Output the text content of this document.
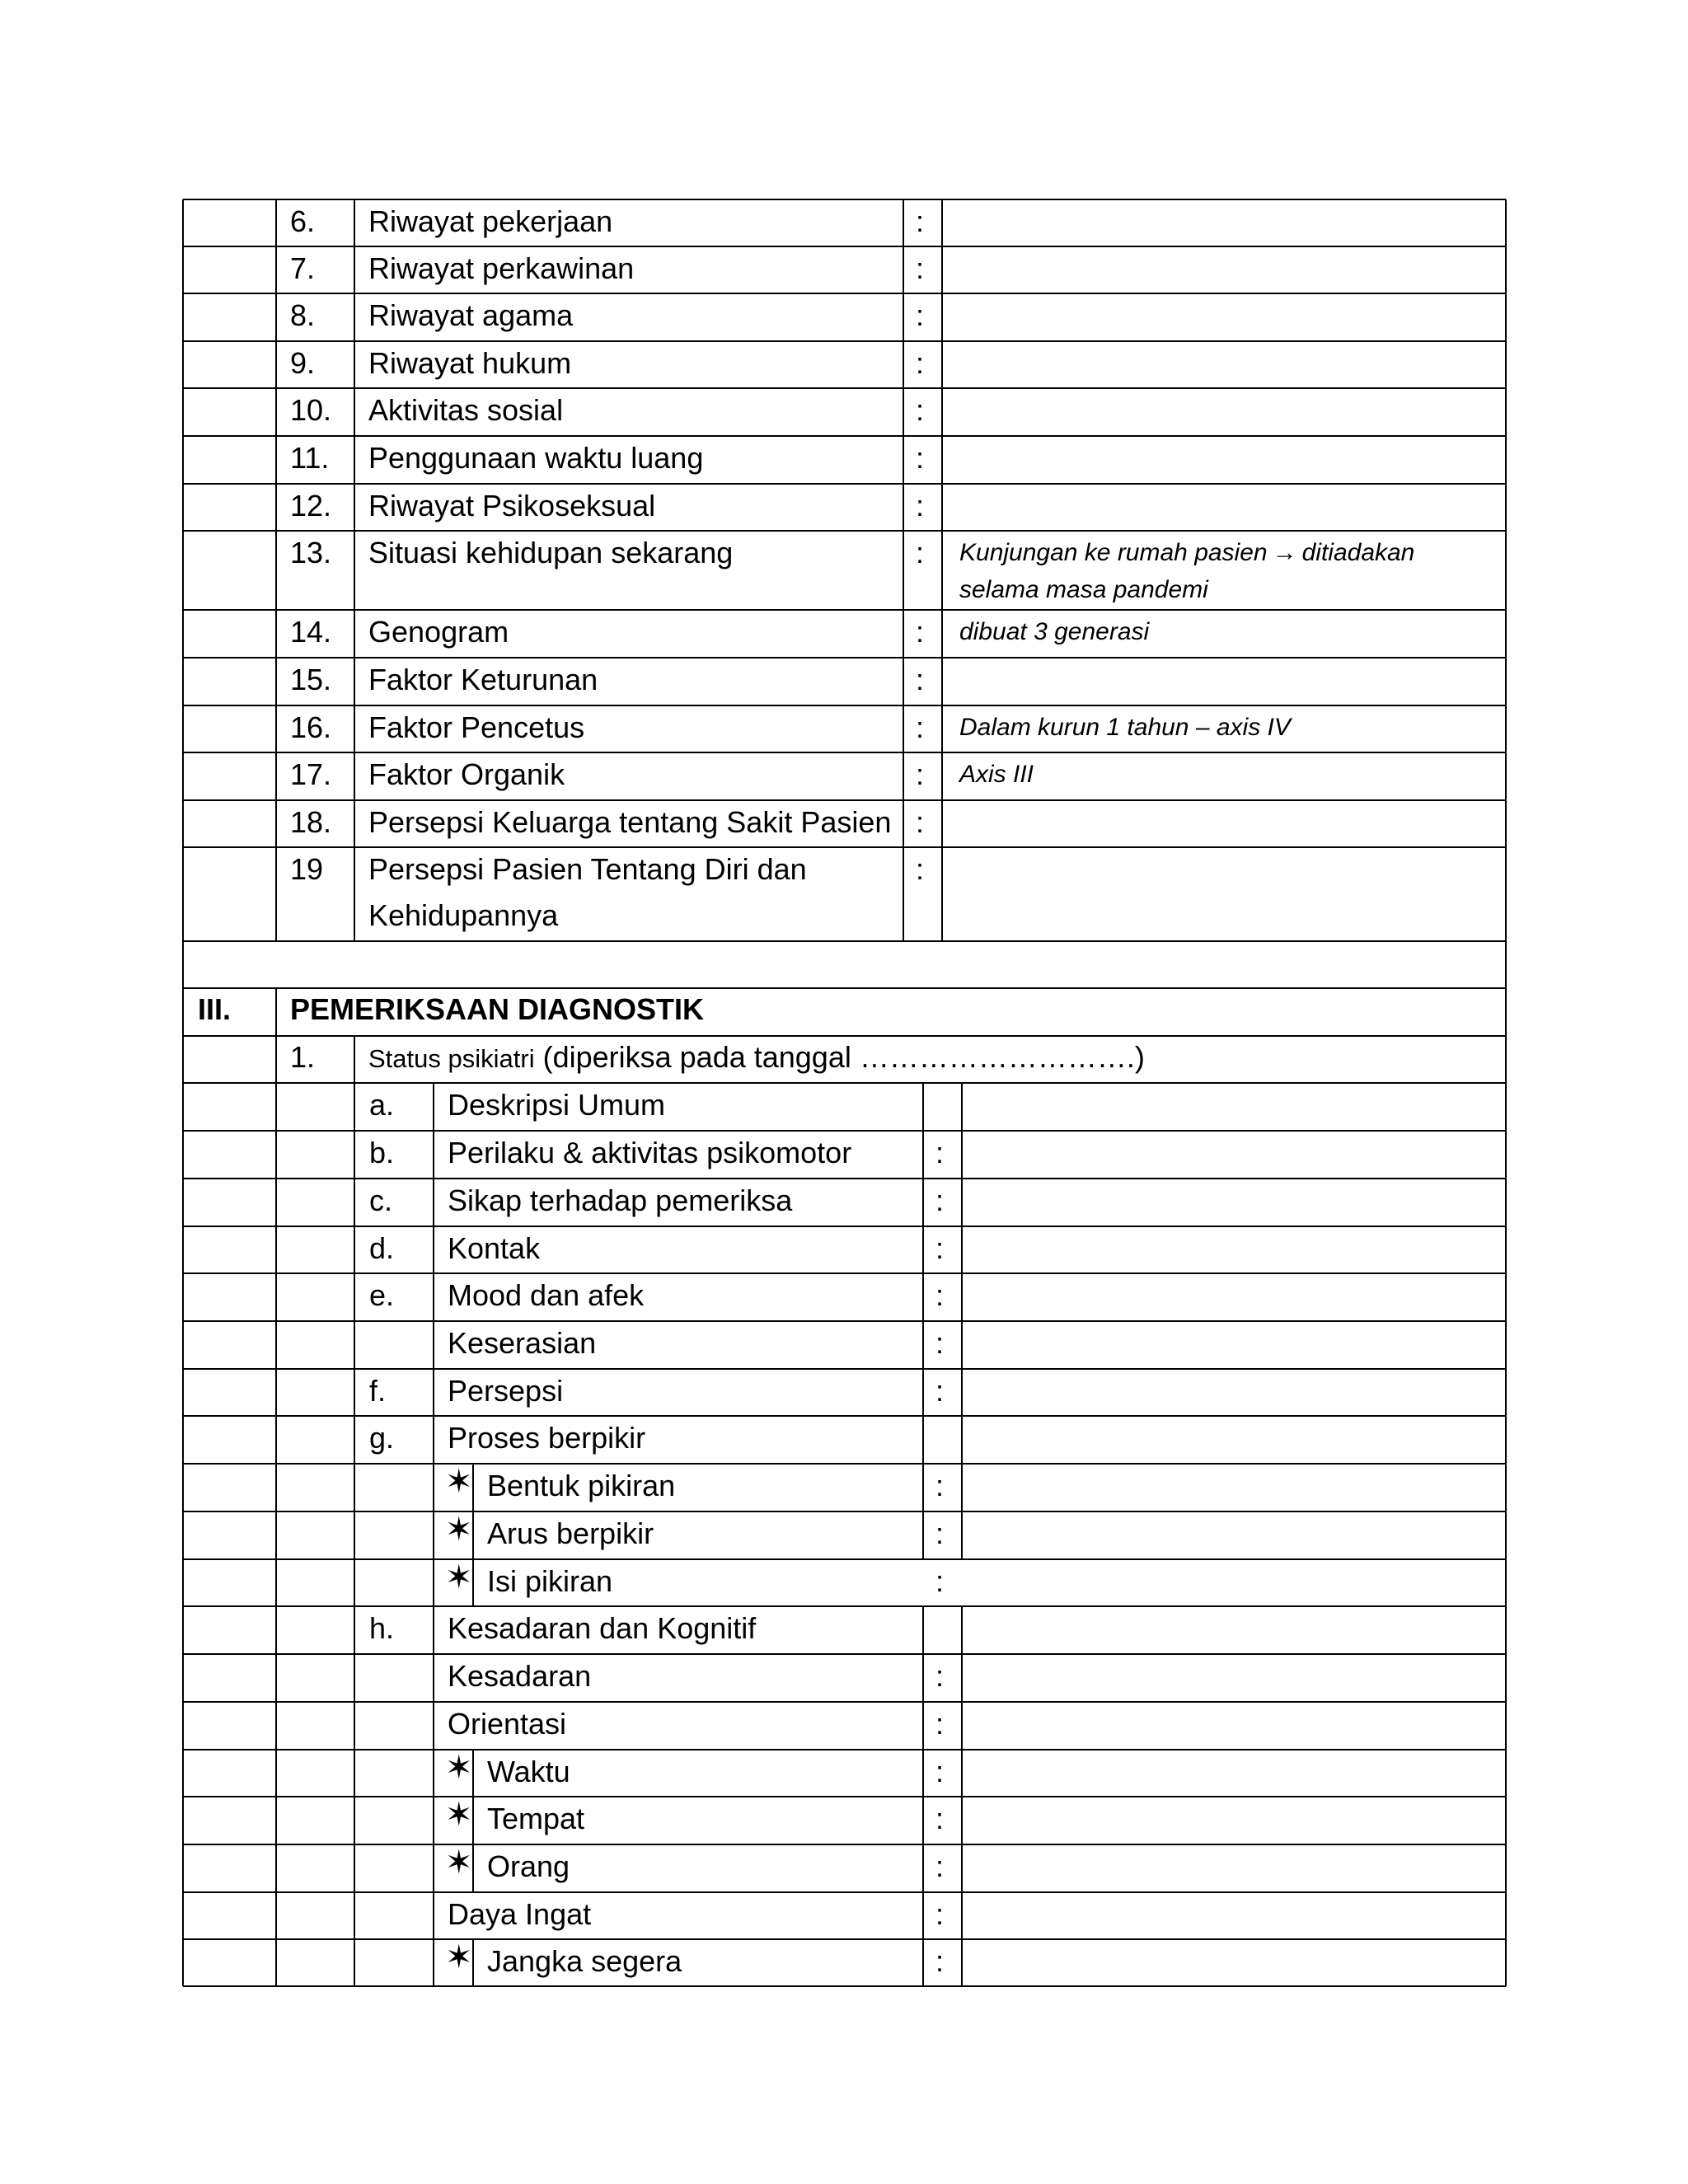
6. Riwayat pekerjaan	:
7. Riwayat perkawinan	:
8. Riwayat agama	:
9. Riwayat hukum	:
10. Aktivitas sosial	:
11. Penggunaan waktu luang	:
12. Riwayat Psikoseksual	:
13. Situasi kehidupan sekarang	: Kunjungan ke rumah pasien → ditiadakan
selama masa pandemi
14. Genogram	: dibuat 3 generasi
15. Faktor Keturunan	:
16. Faktor Pencetus	: Dalam kurun 1 tahun – axis IV
17. Faktor Organik	: Axis III
18. Persepsi Keluarga tentang Sakit Pasien :
19 Persepsi Pasien Tentang Diri dan
Kehidupannya
:
III. PEMERIKSAAN DIAGNOSTIK
1. Status psikiatri (diperiksa pada tanggal ……………………….)
a. Deskripsi Umum
b. Perilaku & aktivitas psikomotor	:
c. Sikap terhadap pemeriksa	:
d. Kontak	:
e. Mood dan afek	:
Keserasian	:
f. Persepsi	:
g. Proses berpikir
✶ Bentuk pikiran	:
✶ Arus berpikir	:
✶ Isi pikiran	:
h. Kesadaran dan Kognitif
Kesadaran	:
Orientasi	:
✶ Waktu	:
✶ Tempat	:
✶ Orang	:
Daya Ingat	:
✶ Jangka segera	:
